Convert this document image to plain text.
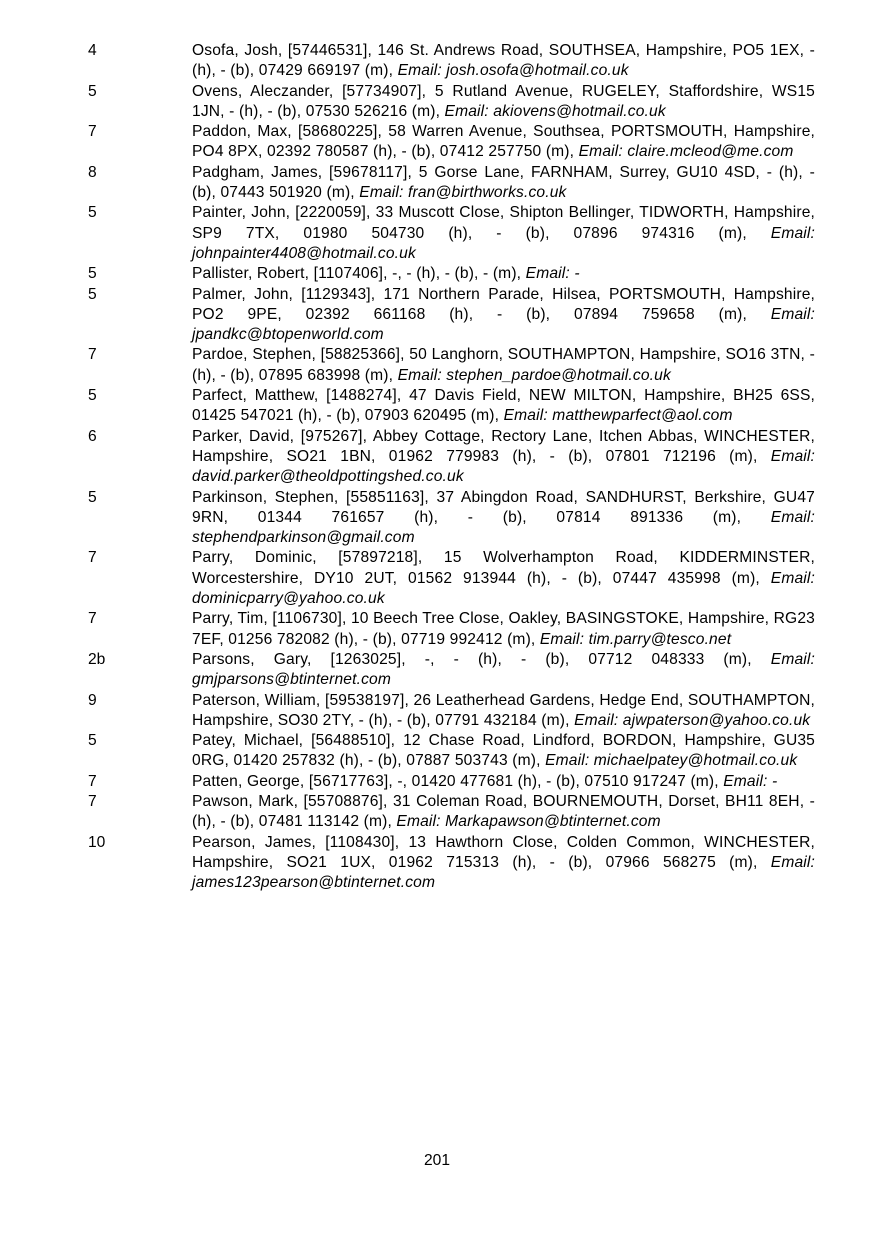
4	Osofa, Josh, [57446531], 146 St. Andrews Road, SOUTHSEA, Hampshire, PO5 1EX, - (h), - (b), 07429 669197 (m), Email: josh.osofa@hotmail.co.uk
5	Ovens, Aleczander, [57734907], 5 Rutland Avenue, RUGELEY, Staffordshire, WS15 1JN, - (h), - (b), 07530 526216 (m), Email: akiovens@hotmail.co.uk
7	Paddon, Max, [58680225], 58 Warren Avenue, Southsea, PORTSMOUTH, Hampshire, PO4 8PX, 02392 780587 (h), - (b), 07412 257750 (m), Email: claire.mcleod@me.com
8	Padgham, James, [59678117], 5 Gorse Lane, FARNHAM, Surrey, GU10 4SD, - (h), - (b), 07443 501920 (m), Email: fran@birthworks.co.uk
5	Painter, John, [2220059], 33 Muscott Close, Shipton Bellinger, TIDWORTH, Hampshire, SP9 7TX, 01980 504730 (h), - (b), 07896 974316 (m), Email: johnpainter4408@hotmail.co.uk
5	Pallister, Robert, [1107406], -, - (h), - (b), - (m), Email: -
5	Palmer, John, [1129343], 171 Northern Parade, Hilsea, PORTSMOUTH, Hampshire, PO2 9PE, 02392 661168 (h), - (b), 07894 759658 (m), Email: jpandkc@btopenworld.com
7	Pardoe, Stephen, [58825366], 50 Langhorn, SOUTHAMPTON, Hampshire, SO16 3TN, - (h), - (b), 07895 683998 (m), Email: stephen_pardoe@hotmail.co.uk
5	Parfect, Matthew, [1488274], 47 Davis Field, NEW MILTON, Hampshire, BH25 6SS, 01425 547021 (h), - (b), 07903 620495 (m), Email: matthewparfect@aol.com
6	Parker, David, [975267], Abbey Cottage, Rectory Lane, Itchen Abbas, WINCHESTER, Hampshire, SO21 1BN, 01962 779983 (h), - (b), 07801 712196 (m), Email: david.parker@theoldpottingshed.co.uk
5	Parkinson, Stephen, [55851163], 37 Abingdon Road, SANDHURST, Berkshire, GU47 9RN, 01344 761657 (h), - (b), 07814 891336 (m), Email: stephendparkinson@gmail.com
7	Parry, Dominic, [57897218], 15 Wolverhampton Road, KIDDERMINSTER, Worcestershire, DY10 2UT, 01562 913944 (h), - (b), 07447 435998 (m), Email: dominicparry@yahoo.co.uk
7	Parry, Tim, [1106730], 10 Beech Tree Close, Oakley, BASINGSTOKE, Hampshire, RG23 7EF, 01256 782082 (h), - (b), 07719 992412 (m), Email: tim.parry@tesco.net
2b	Parsons, Gary, [1263025], -, - (h), - (b), 07712 048333 (m), Email: gmjparsons@btinternet.com
9	Paterson, William, [59538197], 26 Leatherhead Gardens, Hedge End, SOUTHAMPTON, Hampshire, SO30 2TY, - (h), - (b), 07791 432184 (m), Email: ajwpaterson@yahoo.co.uk
5	Patey, Michael, [56488510], 12 Chase Road, Lindford, BORDON, Hampshire, GU35 0RG, 01420 257832 (h), - (b), 07887 503743 (m), Email: michaelpatey@hotmail.co.uk
7	Patten, George, [56717763], -, 01420 477681 (h), - (b), 07510 917247 (m), Email: -
7	Pawson, Mark, [55708876], 31 Coleman Road, BOURNEMOUTH, Dorset, BH11 8EH, - (h), - (b), 07481 113142 (m), Email: Markapawson@btinternet.com
10	Pearson, James, [1108430], 13 Hawthorn Close, Colden Common, WINCHESTER, Hampshire, SO21 1UX, 01962 715313 (h), - (b), 07966 568275 (m), Email: james123pearson@btinternet.com
201
